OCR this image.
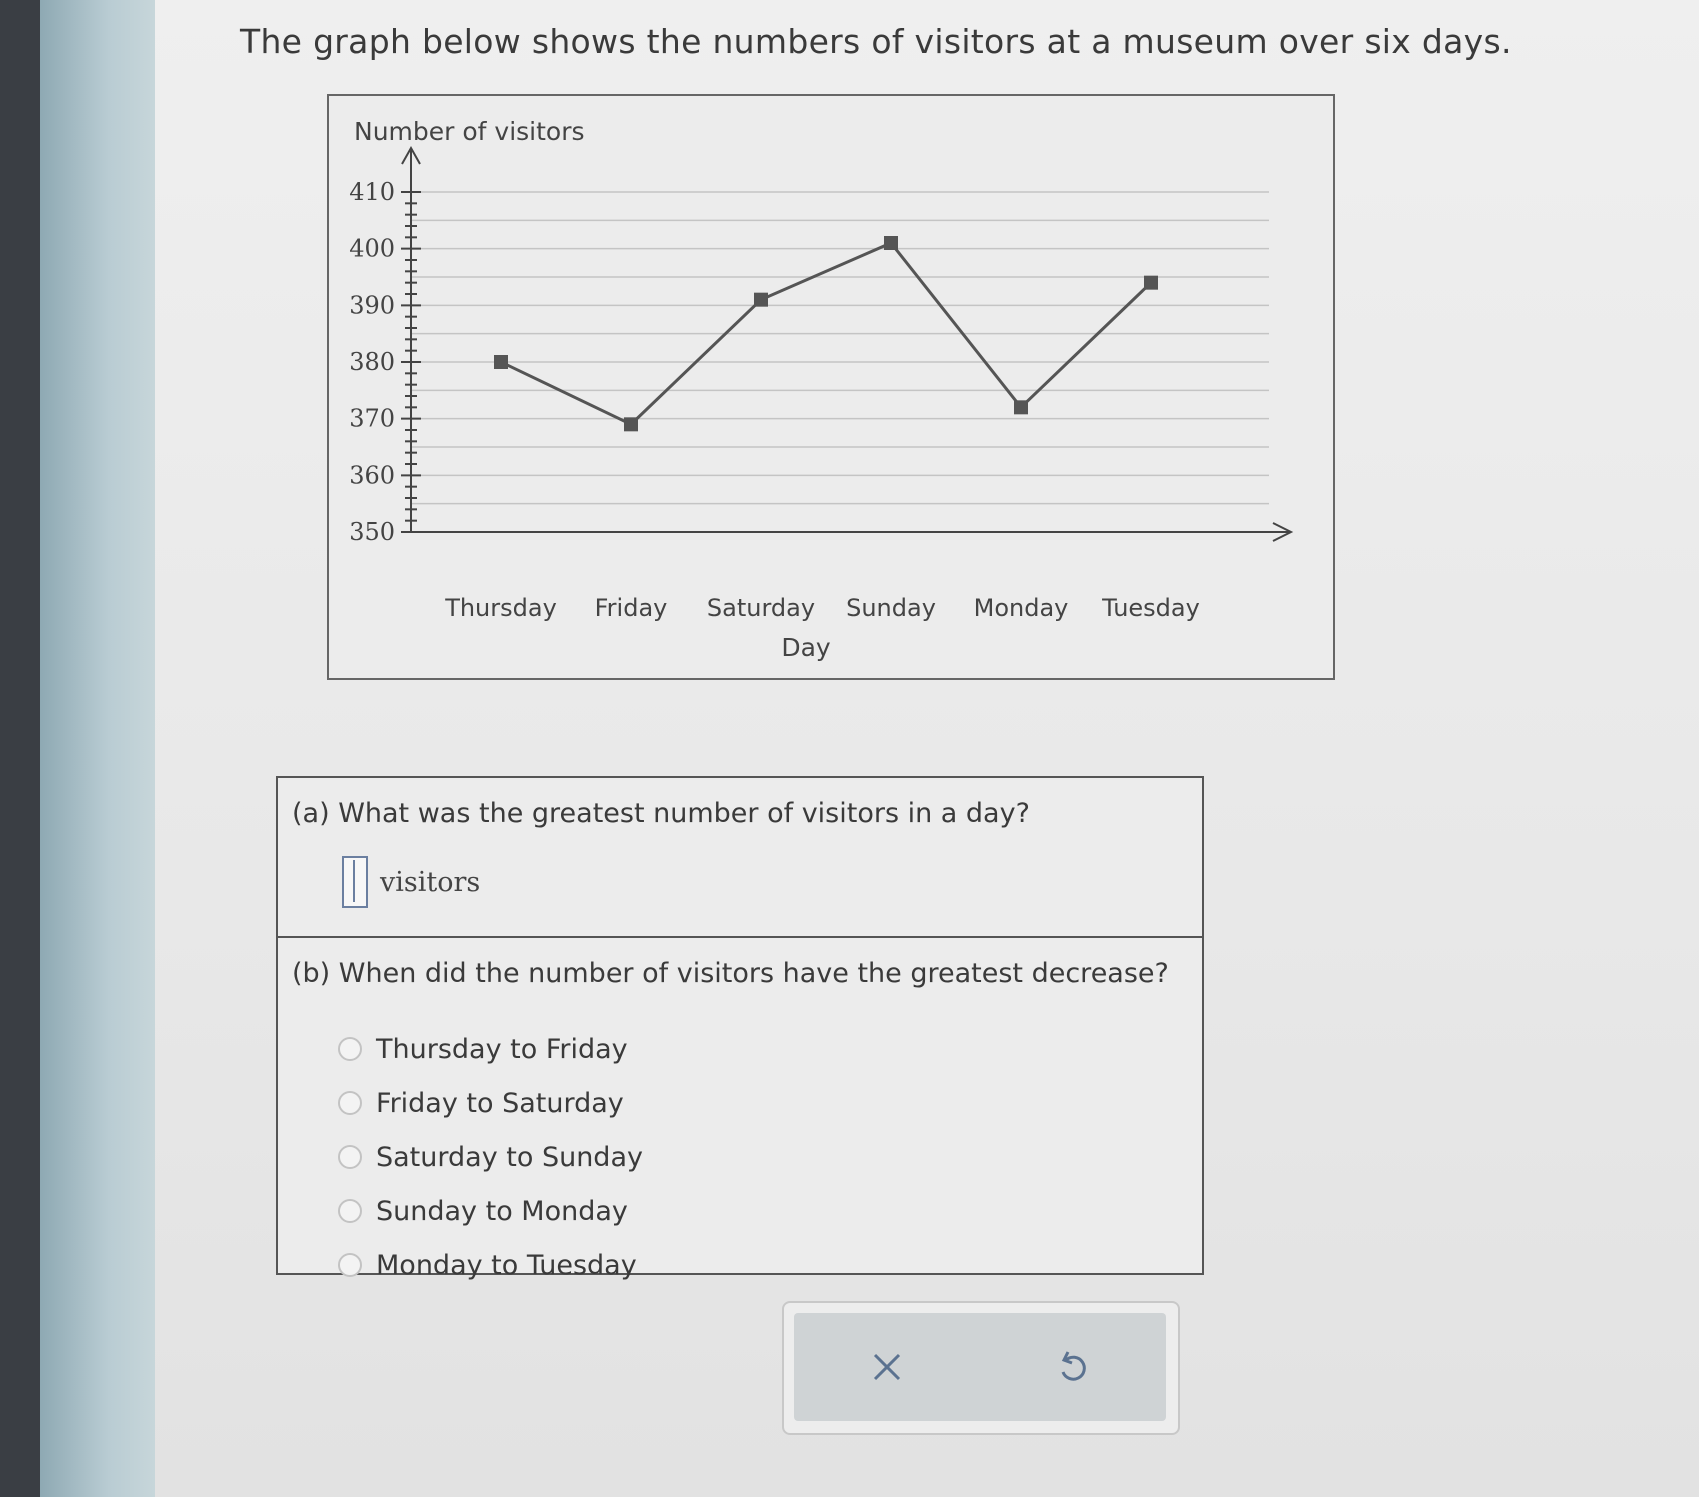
The graph below shows the numbers of visitors at a museum over six days.
Number of visitors
Day
410
400
390
380
370
360
350
Thursday Friday Saturday Sunday Monday Tuesday
(a) What was the greatest number of visitors in a day?
visitors
(b) When did the number of visitors have the greatest decrease?
Thursday to Friday
Friday to Saturday
Saturday to Sunday
Sunday to Monday
Monday to Tuesday
